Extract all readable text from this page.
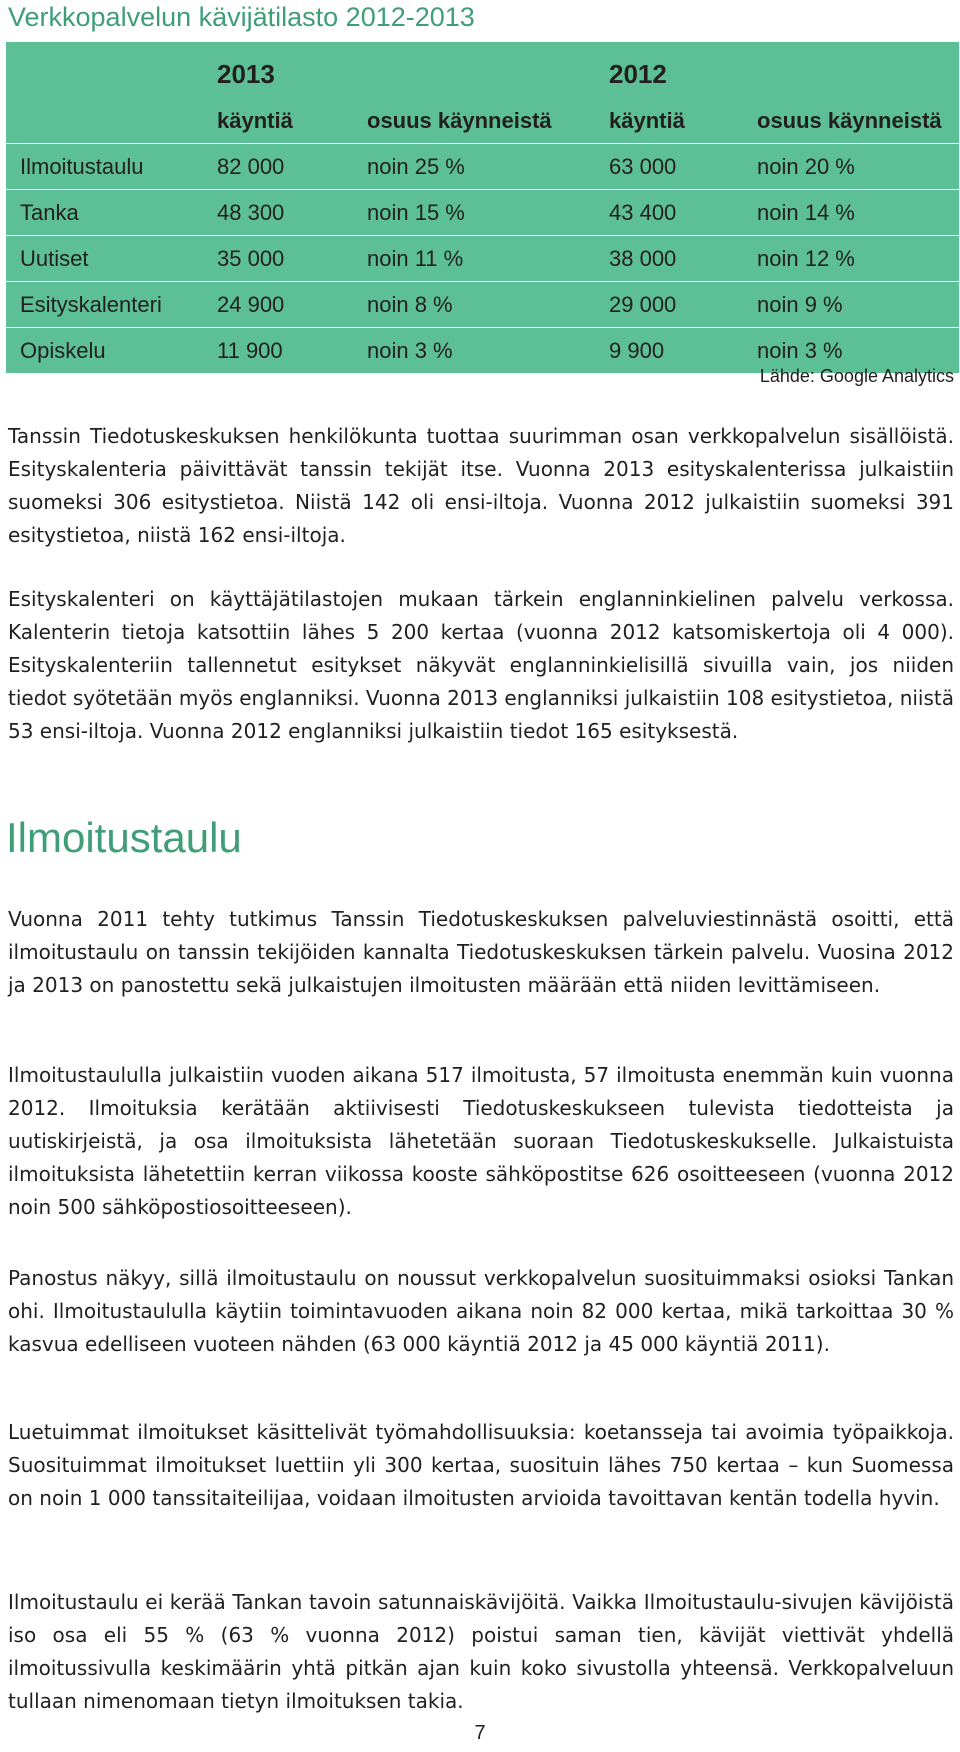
Verkkopalvelun kävijätilasto 2012-2013
	2013		2012	
	käyntiä	osuus käynneistä	käyntiä	osuus käynneistä
Ilmoitustaulu	82 000	noin 25 %	63 000	noin 20 %
Tanka	48 300	noin 15 %	43 400	noin 14 %
Uutiset	35 000	noin 11 %	38 000	noin 12 %
Esityskalenteri	24 900	noin 8 %	29 000	noin 9 %
Opiskelu	11 900	noin 3 %	9 900	noin 3 %
Lähde: Google Analytics

Tanssin Tiedotuskeskuksen henkilökunta tuottaa suurimman osan verkkopalvelun sisällöistä. Esityskalenteria päivittävät tanssin tekijät itse. Vuonna 2013 esityskalenterissa julkaistiin suomeksi 306 esitystietoa. Niistä 142 oli ensi-iltoja. Vuonna 2012 julkaistiin suomeksi 391 esitystietoa, niistä 162 ensi-iltoja.

Esityskalenteri on käyttäjätilastojen mukaan tärkein englanninkielinen palvelu verkossa. Kalenterin tietoja katsottiin lähes 5 200 kertaa (vuonna 2012 katsomiskertoja oli 4 000). Esityskalenteriin tallennetut esitykset näkyvät englanninkielisillä sivuilla vain, jos niiden tiedot syötetään myös englanniksi. Vuonna 2013 englanniksi julkaistiin 108 esitystietoa, niistä 53 ensi-iltoja. Vuonna 2012 englanniksi julkaistiin tiedot 165 esityksestä.

Ilmoitustaulu

Vuonna 2011 tehty tutkimus Tanssin Tiedotuskeskuksen palveluviestinnästä osoitti, että ilmoitustaulu on tanssin tekijöiden kannalta Tiedotuskeskuksen tärkein palvelu. Vuosina 2012 ja 2013 on panostettu sekä julkaistujen ilmoitusten määrään että niiden levittämiseen.

Ilmoitustaululla julkaistiin vuoden aikana 517 ilmoitusta, 57 ilmoitusta enemmän kuin vuonna 2012. Ilmoituksia kerätään aktiivisesti Tiedotuskeskukseen tulevista tiedotteista ja uutiskirjeistä, ja osa ilmoituksista lähetetään suoraan Tiedotuskeskukselle. Julkaistuista ilmoituksista lähetettiin kerran viikossa kooste sähköpostitse 626 osoitteeseen (vuonna 2012 noin 500 sähköpostiosoitteeseen).

Panostus näkyy, sillä ilmoitustaulu on noussut verkkopalvelun suosituimmaksi osioksi Tankan ohi. Ilmoitustaululla käytiin toimintavuoden aikana noin 82 000 kertaa, mikä tarkoittaa 30 % kasvua edelliseen vuoteen nähden (63 000 käyntiä 2012 ja 45 000 käyntiä 2011).

Luetuimmat ilmoitukset käsittelivät työmahdollisuuksia: koetansseja tai avoimia työpaikkoja. Suosituimmat ilmoitukset luettiin yli 300 kertaa, suosituin lähes 750 kertaa – kun Suomessa on noin 1 000 tanssitaiteilijaa, voidaan ilmoitusten arvioida tavoittavan kentän todella hyvin.

Ilmoitustaulu ei kerää Tankan tavoin satunnaiskävijöitä. Vaikka Ilmoitustaulu-sivujen kävijöistä iso osa eli 55 % (63 % vuonna 2012) poistui saman tien, kävijät viettivät yhdellä ilmoitussivulla keskimäärin yhtä pitkän ajan kuin koko sivustolla yhteensä. Verkkopalveluun tullaan nimenomaan tietyn ilmoituksen takia.

7
